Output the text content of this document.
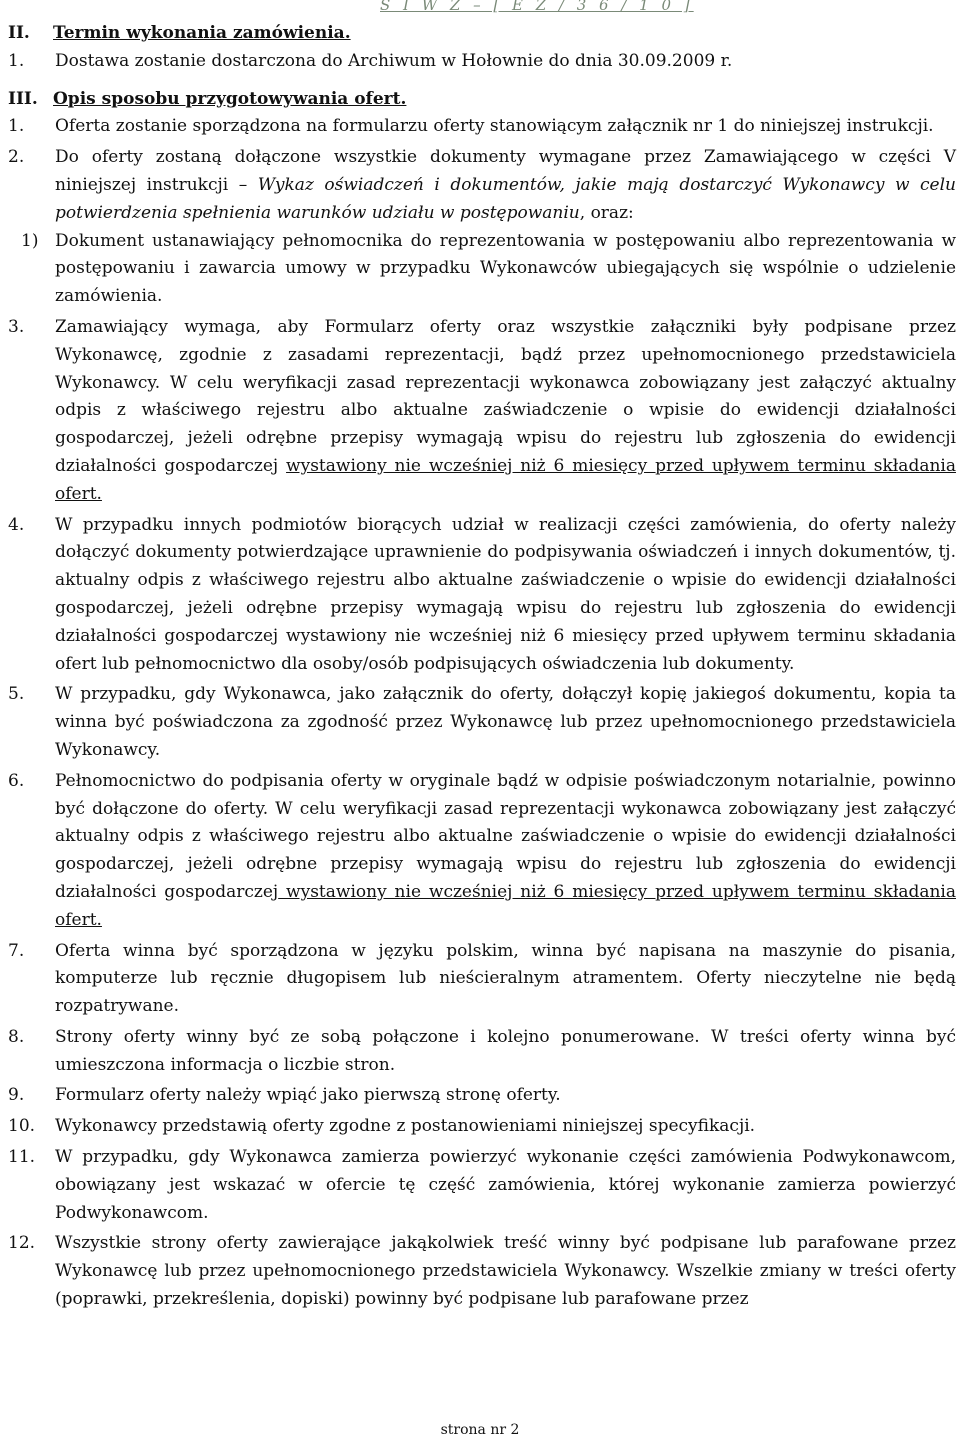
S I W Z – [ E Z / 3 6 / 1 0 ]
II.	Termin wykonania zamówienia.
1.	Dostawa zostanie dostarczona do Archiwum w Hołownie do dnia 30.09.2009 r.
III. Opis sposobu przygotowywania ofert.
1.	Oferta zostanie sporządzona na formularzu oferty stanowiącym załącznik nr 1 do niniejszej instrukcji.
2.	Do oferty zostaną dołączone wszystkie dokumenty wymagane przez Zamawiającego w części V niniejszej instrukcji – Wykaz oświadczeń i dokumentów, jakie mają dostarczyć Wykonawcy w celu potwierdzenia spełnienia warunków udziału w postępowaniu, oraz:
1) Dokument ustanawiający pełnomocnika do reprezentowania w postępowaniu albo reprezentowania w postępowaniu i zawarcia umowy w przypadku Wykonawców ubiegających się wspólnie o udzielenie zamówienia.
3.	Zamawiający wymaga, aby Formularz oferty oraz wszystkie załączniki były podpisane przez Wykonawcę, zgodnie z zasadami reprezentacji, bądź przez upełnomocnionego przedstawiciela Wykonawcy. W celu weryfikacji zasad reprezentacji wykonawca zobowiązany jest załączyć aktualny odpis z właściwego rejestru albo aktualne zaświadczenie o wpisie do ewidencji działalności gospodarczej, jeżeli odrębne przepisy wymagają wpisu do rejestru lub zgłoszenia do ewidencji działalności gospodarczej wystawiony nie wcześniej niż 6 miesięcy przed upływem terminu składania ofert.
4.	W przypadku innych podmiotów biorących udział w realizacji części zamówienia, do oferty należy dołączyć dokumenty potwierdzające uprawnienie do podpisywania oświadczeń i innych dokumentów, tj. aktualny odpis z właściwego rejestru albo aktualne zaświadczenie o wpisie do ewidencji działalności gospodarczej, jeżeli odrębne przepisy wymagają wpisu do rejestru lub zgłoszenia do ewidencji działalności gospodarczej wystawiony nie wcześniej niż 6 miesięcy przed upływem terminu składania ofert lub pełnomocnictwo dla osoby/osób podpisujących oświadczenia lub dokumenty.
5.	W przypadku, gdy Wykonawca, jako załącznik do oferty, dołączył kopię jakiegoś dokumentu, kopia ta winna być poświadczona za zgodność przez Wykonawcę lub przez upełnomocnionego przedstawiciela Wykonawcy.
6.	Pełnomocnictwo do podpisania oferty w oryginale bądź w odpisie poświadczonym notarialnie, powinno być dołączone do oferty. W celu weryfikacji zasad reprezentacji wykonawca zobowiązany jest załączyć aktualny odpis z właściwego rejestru albo aktualne zaświadczenie o wpisie do ewidencji działalności gospodarczej, jeżeli odrębne przepisy wymagają wpisu do rejestru lub zgłoszenia do ewidencji działalności gospodarczej wystawiony nie wcześniej niż 6 miesięcy przed upływem terminu składania ofert.
7.	Oferta winna być sporządzona w języku polskim, winna być napisana na maszynie do pisania, komputerze lub ręcznie długopisem lub nieścieralnym atramentem. Oferty nieczytelne nie będą rozpatrywane.
8.	Strony oferty winny być ze sobą połączone i kolejno ponumerowane. W treści oferty winna być umieszczona informacja o liczbie stron.
9.	Formularz oferty należy wpiąć jako pierwszą stronę oferty.
10.	Wykonawcy przedstawią oferty zgodne z postanowieniami niniejszej specyfikacji.
11.	W przypadku, gdy Wykonawca zamierza powierzyć wykonanie części zamówienia Podwykonawcom, obowiązany jest wskazać w ofercie tę część zamówienia, której wykonanie zamierza powierzyć Podwykonawcom.
12.	Wszystkie strony oferty zawierające jakąkolwiek treść winny być podpisane lub parafowane przez Wykonawcę lub przez upełnomocnionego przedstawiciela Wykonawcy. Wszelkie zmiany w treści oferty (poprawki, przekreślenia, dopiski) powinny być podpisane lub parafowane przez
strona nr 2
